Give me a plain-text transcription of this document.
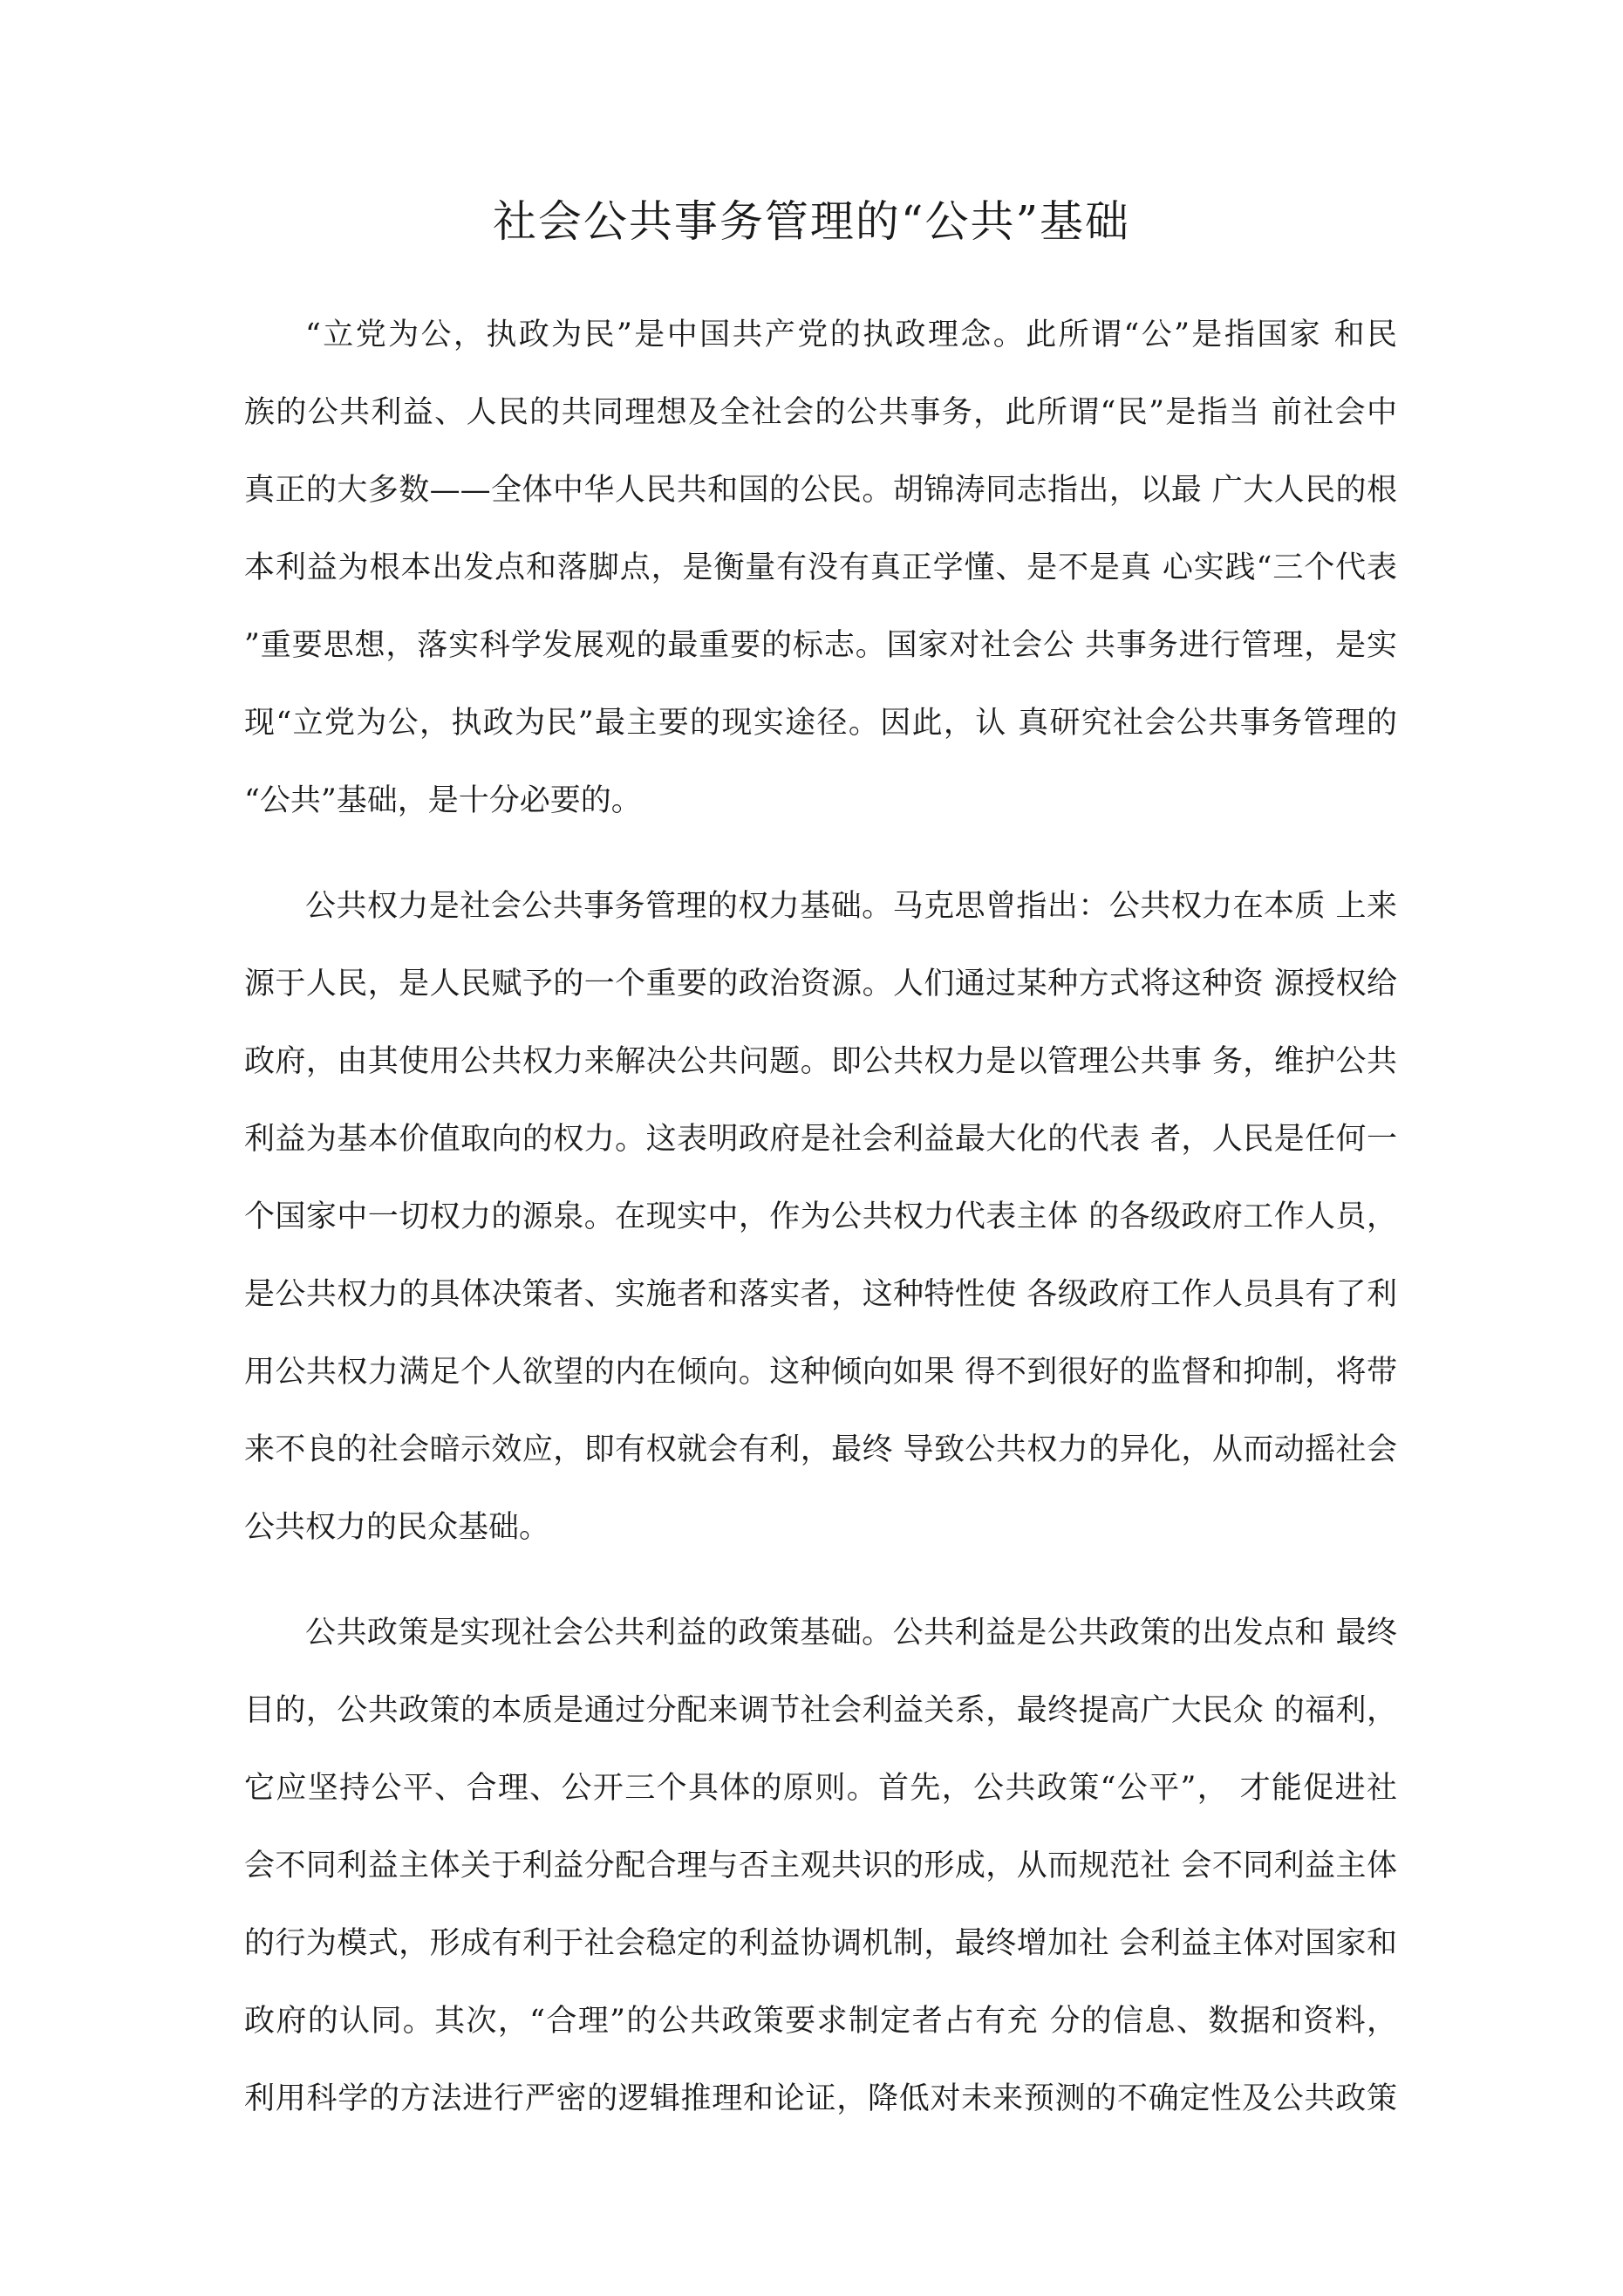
社会公共事务管理的“公共”基础
“立党为公，执政为民”是中国共产党的执政理念。此所谓“公”是指国家 和民
族的公共利益、人民的共同理想及全社会的公共事务，此所谓“民”是指当 前社会中
真正的大多数——全体中华人民共和国的公民。胡锦涛同志指出，以最 广大人民的根
本利益为根本出发点和落脚点，是衡量有没有真正学懂、是不是真 心实践“三个代表
”重要思想，落实科学发展观的最重要的标志。国家对社会公 共事务进行管理，是实
现“立党为公，执政为民”最主要的现实途径。因此，认 真研究社会公共事务管理的
“公共”基础，是十分必要的。
公共权力是社会公共事务管理的权力基础。马克思曾指出：公共权力在本质 上来
源于人民，是人民赋予的一个重要的政治资源。人们通过某种方式将这种资 源授权给
政府，由其使用公共权力来解决公共问题。即公共权力是以管理公共事 务，维护公共
利益为基本价值取向的权力。这表明政府是社会利益最大化的代表 者，人民是任何一
个国家中一切权力的源泉。在现实中，作为公共权力代表主体 的各级政府工作人员，
是公共权力的具体决策者、实施者和落实者，这种特性使 各级政府工作人员具有了利
用公共权力满足个人欲望的内在倾向。这种倾向如果 得不到很好的监督和抑制，将带
来不良的社会暗示效应，即有权就会有利，最终 导致公共权力的异化，从而动摇社会
公共权力的民众基础。
公共政策是实现社会公共利益的政策基础。公共利益是公共政策的出发点和 最终
目的，公共政策的本质是通过分配来调节社会利益关系，最终提高广大民众 的福利，
它应坚持公平、合理、公开三个具体的原则。首先，公共政策“公平”， 才能促进社
会不同利益主体关于利益分配合理与否主观共识的形成，从而规范社 会不同利益主体
的行为模式，形成有利于社会稳定的利益协调机制，最终增加社 会利益主体对国家和
政府的认同。其次，“合理”的公共政策要求制定者占有充 分的信息、数据和资料，
利用科学的方法进行严密的逻辑推理和论证，降低对未来预测的不确定性及公共政策
